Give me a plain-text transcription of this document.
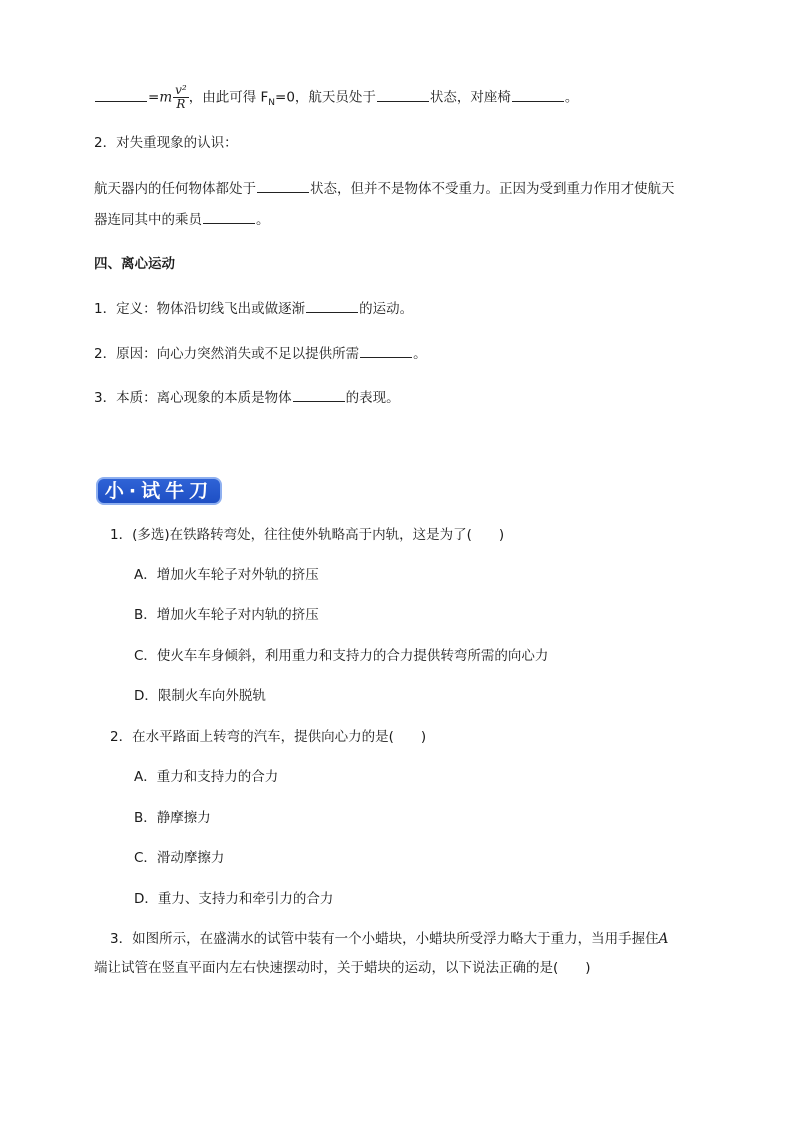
$=m \frac{\text{v²}}{R}$ ，由此可得 $F_N=0$，航天员处于	状态，对座椅	。
2．对失重现象的认识：
航天器内的任何物体都处于	状态，但并不是物体不受重力。正因为受到重力作用才使航天
器连同其中的乘员	。
四、离心运动
1．定义：物体沿切线飞出或做逐渐	的运动。
2．原因：向心力突然消失或不足以提供所需	。
3．本质：离心现象的本质是物体	的表现。
小·试牛刀
1．(多选)在铁路转弯处，往往使外轨略高于内轨，这是为了(　　)
A．增加火车轮子对外轨的挤压
B．增加火车轮子对内轨的挤压
C．使火车车身倾斜，利用重力和支持力的合力提供转弯所需的向心力
D．限制火车向外脱轨
2．在水平路面上转弯的汽车，提供向心力的是(　　)
A．重力和支持力的合力
B．静摩擦力
C．滑动摩擦力
D．重力、支持力和牵引力的合力
3．如图所示，在盛满水的试管中装有一个小蜡块，小蜡块所受浮力略大于重力，当用手握住A
端让试管在竖直平面内左右快速摆动时，关于蜡块的运动，以下说法正确的是(　　)
